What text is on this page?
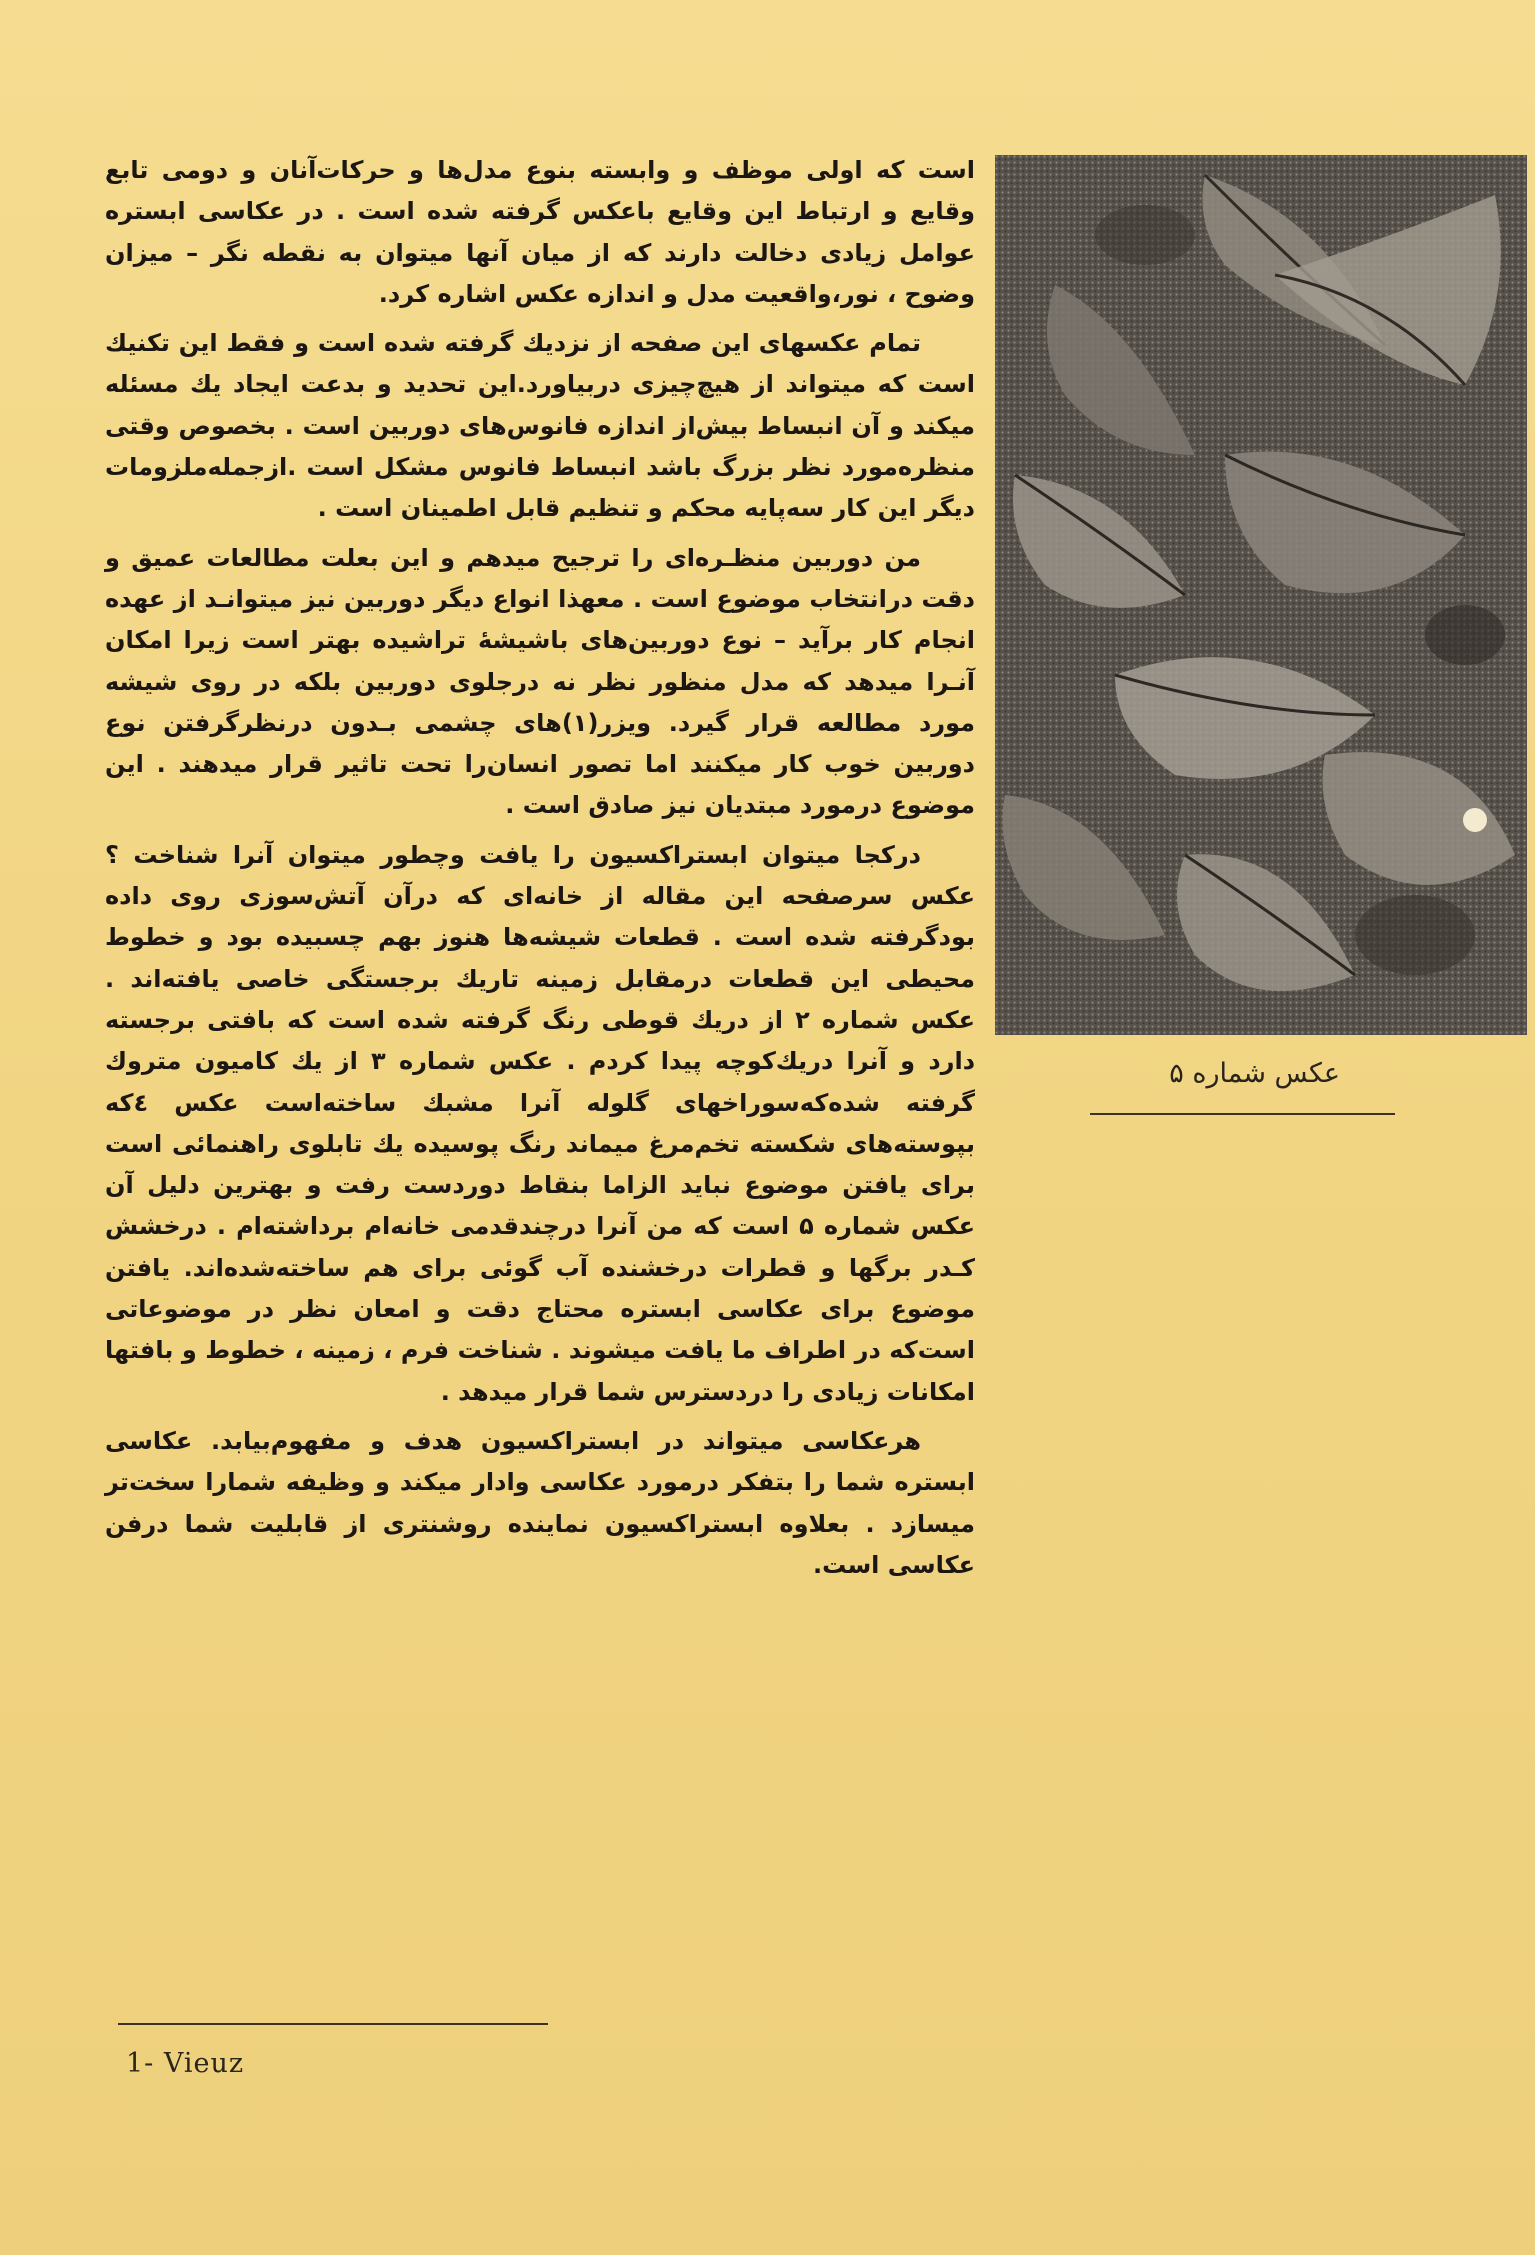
عکس شماره ۵

است که اولی موظف و وابسته بنوع مدل‌ها و حرکات‌آنان و دومی تابع وقایع و ارتباط این وقایع باعکس گرفته شده است . در عکاسی ابستره عوامل زیادی دخالت دارند که از میان آنها میتوان به نقطه نگر – میزان وضوح ، نور،واقعیت مدل و اندازه عکس اشاره کرد.

تمام عکسهای این صفحه از نزدیك گرفته شده است و فقط این تکنیك است که میتواند از هیچ‌چیزی دربیاورد.این تحدید و بدعت ایجاد یك مسئله میکند و آن انبساط بیش‌از اندازه فانوس‌های دوربین است . بخصوص وقتی منظره‌مورد نظر بزرگ باشد انبساط فانوس مشکل است .ازجمله‌ملزومات دیگر این کار سه‌پایه محکم و تنظیم قابل اطمینان است .

من دوربین منظـره‌ای را ترجیح میدهم و این بعلت مطالعات عمیق و دقت درانتخاب موضوع است . معهذا انواع دیگر دوربین نیز میتوانـد از عهده انجام کار برآید – نوع دوربین‌های باشیشهٔ تراشیده بهتر است زیرا امکان آنـرا میدهد که مدل منظور نظر نه درجلوی دوربین بلکه در روی شیشه مورد مطالعه قرار گیرد. ویزر(۱)های چشمی بـدون درنظرگرفتن نوع دوربین خوب کار میکنند اما تصور انسان‌را تحت تاثیر قرار میدهند . این موضوع درمورد مبتدیان نیز صادق است .

درکجا میتوان ابستراکسیون را یافت وچطور میتوان آنرا شناخت ؟ عکس سرصفحه این مقاله از خانه‌ای که درآن آتش‌سوزی روی داده بودگرفته شده است . قطعات شیشه‌ها هنوز بهم چسبیده بود و خطوط محیطی این قطعات درمقابل زمینه تاریك برجستگی خاصی یافته‌اند . عکس شماره ۲ از دریك قوطی رنگ گرفته شده است که بافتی برجسته دارد و آنرا دریك‌کوچه پیدا کردم . عکس شماره ۳ از یك کامیون متروك گرفته شده‌که‌سوراخهای گلوله آنرا مشبك ساخته‌است عکس ٤که بپوسته‌های شکسته تخم‌مرغ میماند رنگ پوسیده یك تابلوی راهنمائی است برای یافتن موضوع نباید الزاما بنقاط دوردست رفت و بهترین دلیل آن عکس شماره ۵ است که من آنرا درچندقدمی خانه‌ام برداشته‌ام . درخشش کـدر برگها و قطرات درخشنده آب گوئی برای هم ساخته‌شده‌اند. یافتن موضوع برای عکاسی ابستره محتاج دقت و امعان نظر در موضوعاتی است‌که در اطراف ما یافت میشوند . شناخت فرم ، زمینه ، خطوط و بافتها امکانات زیادی را دردسترس شما قرار میدهد .

هرعکاسی میتواند در ابستراکسیون هدف و مفهوم‌بیابد. عکاسی ابستره شما را بتفکر درمورد عکاسی وادار میکند و وظیفه شمارا سخت‌تر میسازد . بعلاوه ابستراکسیون نماینده روشنتری از قابلیت شما درفن عکاسی است.

1- Vieuz
